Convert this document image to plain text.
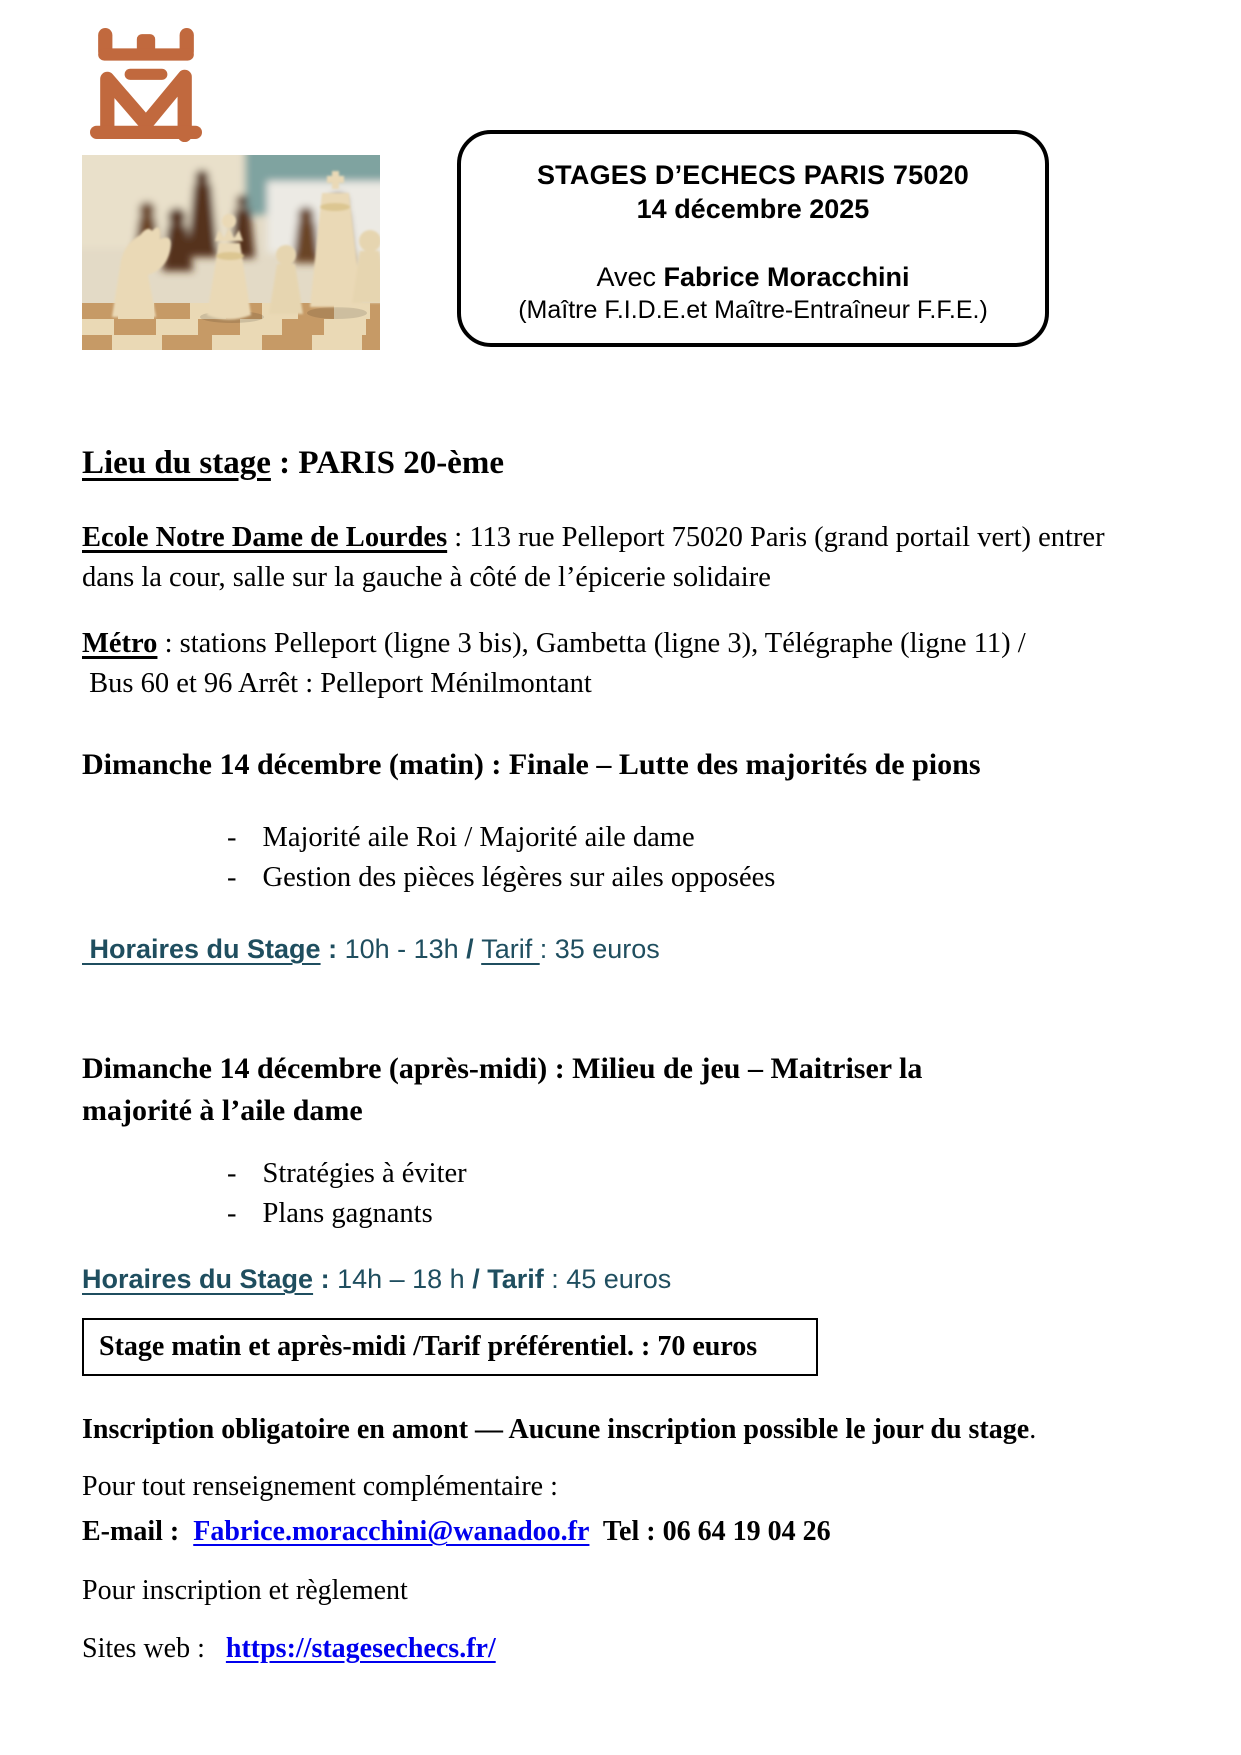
STAGES D’ECHECS PARIS 75020
14 décembre 2025
Avec Fabrice Moracchini
(Maître F.I.D.E.et Maître-Entraîneur F.F.E.)
Lieu du stage : PARIS 20-ème
Ecole Notre Dame de Lourdes : 113 rue Pelleport 75020 Paris (grand portail vert) entrer
dans la cour, salle sur la gauche à côté de l’épicerie solidaire
Métro : stations Pelleport (ligne 3 bis), Gambetta (ligne 3), Télégraphe (ligne 11) /
Bus 60 et 96 Arrêt : Pelleport Ménilmontant
Dimanche 14 décembre (matin) : Finale – Lutte des majorités de pions
- Majorité aile Roi / Majorité aile dame
- Gestion des pièces légères sur ailes opposées
Horaires du Stage : 10h - 13h / Tarif : 35 euros
Dimanche 14 décembre (après-midi) : Milieu de jeu – Maitriser la majorité à l’aile dame
- Stratégies à éviter
- Plans gagnants
Horaires du Stage : 14h – 18 h / Tarif : 45 euros
Stage matin et après-midi /Tarif préférentiel. : 70 euros
Inscription obligatoire en amont — Aucune inscription possible le jour du stage.
Pour tout renseignement complémentaire :
E-mail :  Fabrice.moracchini@wanadoo.fr  Tel : 06 64 19 04 26
Pour inscription et règlement
Sites web :   https://stagesechecs.fr/
